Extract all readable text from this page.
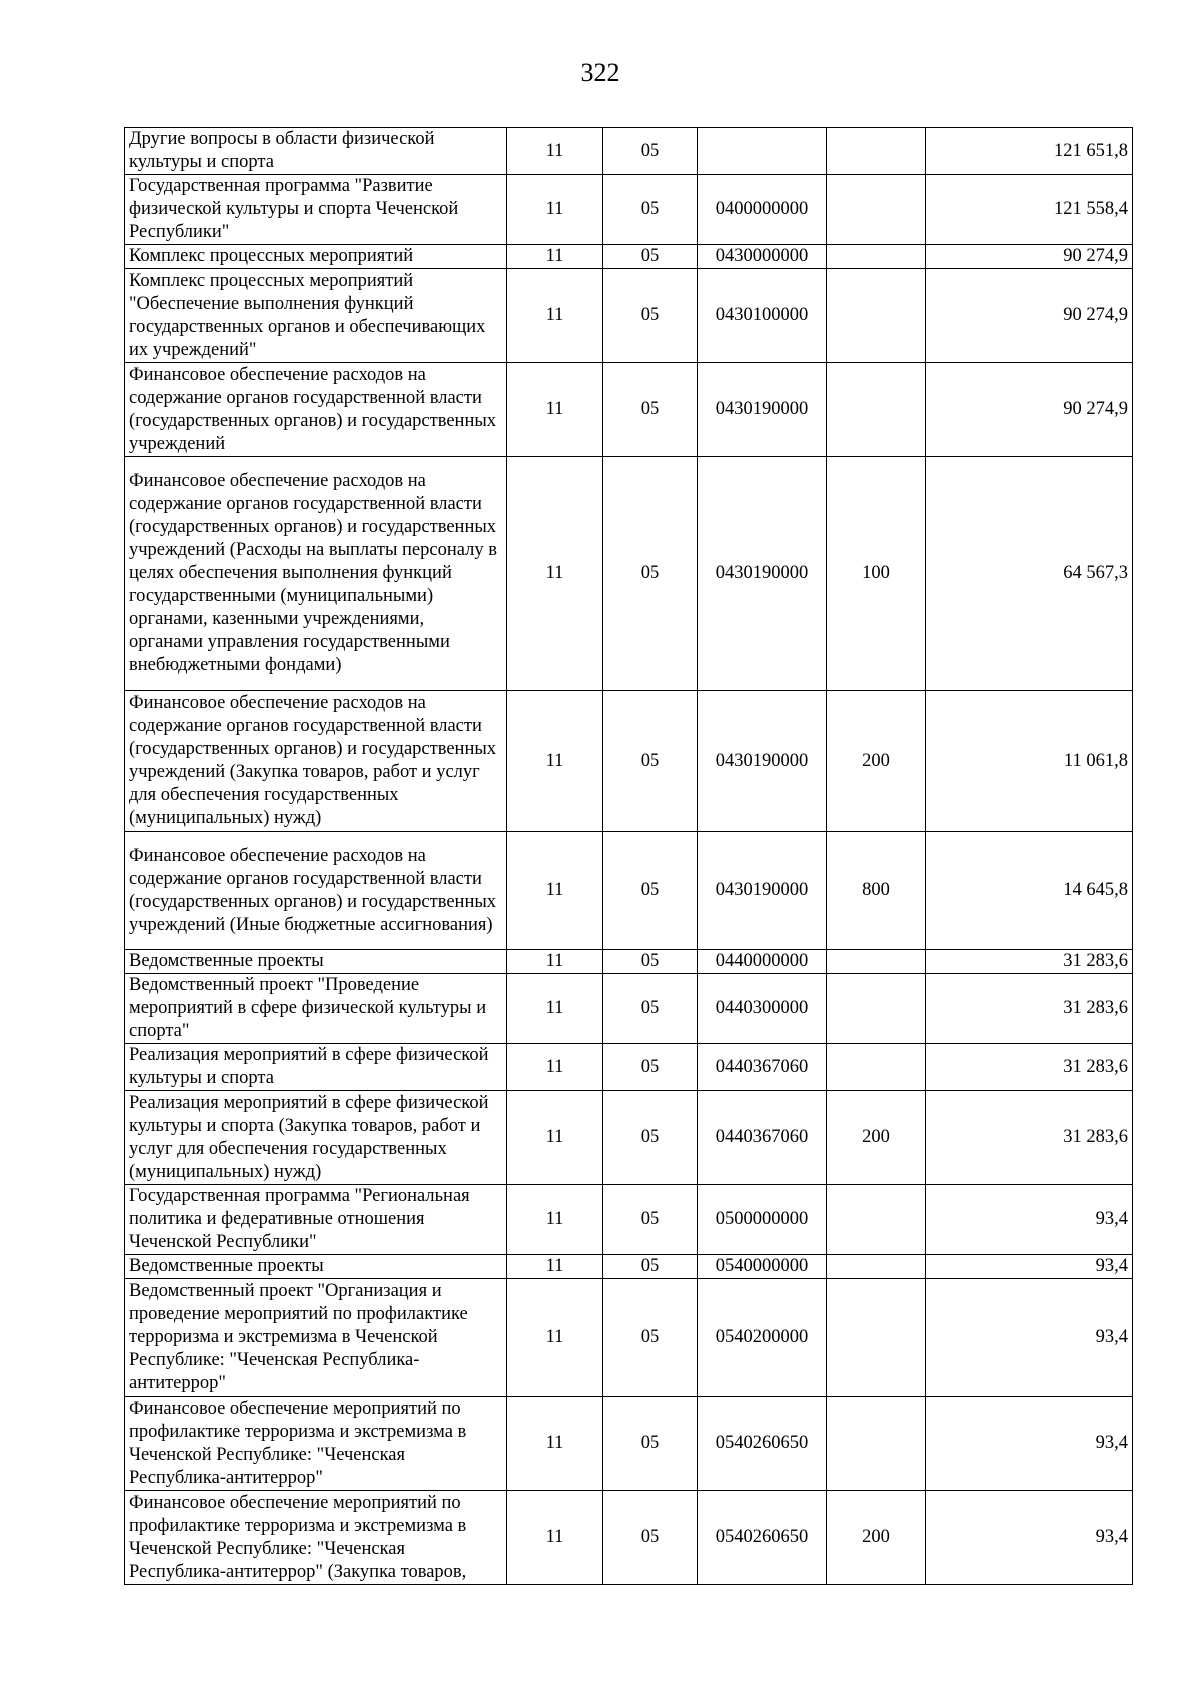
322
Другие вопросы в области физической культуры и спорта	11	05			121 651,8
Государственная программа "Развитие физической культуры и спорта Чеченской Республики"	11	05	0400000000		121 558,4
Комплекс процессных мероприятий	11	05	0430000000		90 274,9
Комплекс процессных мероприятий "Обеспечение выполнения функций государственных органов и обеспечивающих их учреждений"	11	05	0430100000		90 274,9
Финансовое обеспечение расходов на содержание органов государственной власти (государственных органов) и государственных учреждений	11	05	0430190000		90 274,9
Финансовое обеспечение расходов на содержание органов государственной власти (государственных органов) и государственных учреждений (Расходы на выплаты персоналу в целях обеспечения выполнения функций государственными (муниципальными) органами, казенными учреждениями, органами управления государственными внебюджетными фондами)	11	05	0430190000	100	64 567,3
Финансовое обеспечение расходов на содержание органов государственной власти (государственных органов) и государственных учреждений (Закупка товаров, работ и услуг для обеспечения государственных (муниципальных) нужд)	11	05	0430190000	200	11 061,8
Финансовое обеспечение расходов на содержание органов государственной власти (государственных органов) и государственных учреждений (Иные бюджетные ассигнования)	11	05	0430190000	800	14 645,8
Ведомственные проекты	11	05	0440000000		31 283,6
Ведомственный проект "Проведение мероприятий в сфере физической культуры и спорта"	11	05	0440300000		31 283,6
Реализация мероприятий в сфере физической культуры и спорта	11	05	0440367060		31 283,6
Реализация мероприятий в сфере физической культуры и спорта (Закупка товаров, работ и услуг для обеспечения государственных (муниципальных) нужд)	11	05	0440367060	200	31 283,6
Государственная программа "Региональная политика и федеративные отношения Чеченской Республики"	11	05	0500000000		93,4
Ведомственные проекты	11	05	0540000000		93,4
Ведомственный проект "Организация и проведение мероприятий по профилактике терроризма и экстремизма в Чеченской Республике: "Чеченская Республика-антитеррор"	11	05	0540200000		93,4
Финансовое обеспечение мероприятий по профилактике терроризма и экстремизма в Чеченской Республике: "Чеченская Республика-антитеррор"	11	05	0540260650		93,4
Финансовое обеспечение мероприятий по профилактике терроризма и экстремизма в Чеченской Республике: "Чеченская Республика-антитеррор" (Закупка товаров,	11	05	0540260650	200	93,4
